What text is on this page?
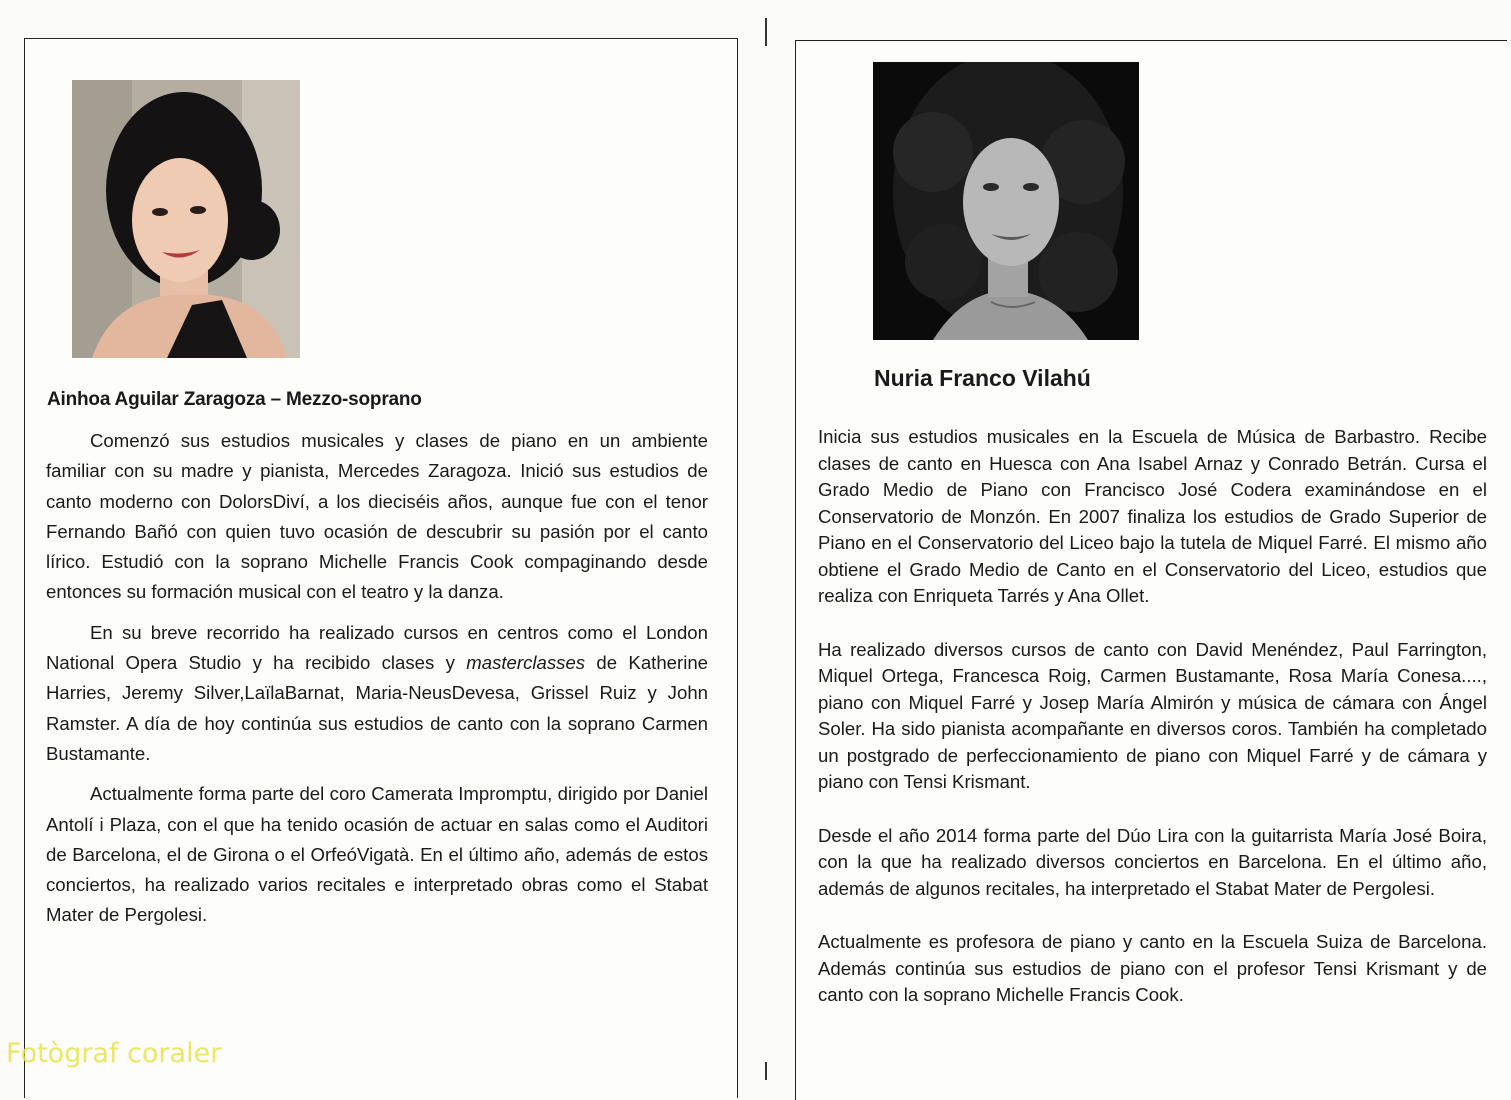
Ainhoa Aguilar Zaragoza – Mezzo-soprano
Nuria Franco Vilahú

Comenzó sus estudios musicales y clases de piano en un ambiente familiar con su madre y pianista, Mercedes Zaragoza. Inició sus estudios de canto moderno con DolorsDiví, a los dieciséis años, aunque fue con el tenor Fernando Bañó con quien tuvo ocasión de descubrir su pasión por el canto lírico. Estudió con la soprano Michelle Francis Cook compaginando desde entonces su formación musical con el teatro y la danza.

En su breve recorrido ha realizado cursos en centros como el London National Opera Studio y ha recibido clases y masterclasses de Katherine Harries, Jeremy Silver,LaïlaBarnat, Maria-NeusDevesa, Grissel Ruiz y John Ramster. A día de hoy continúa sus estudios de canto con la soprano Carmen Bustamante.

Actualmente forma parte del coro Camerata Impromptu, dirigido por Daniel Antolí i Plaza, con el que ha tenido ocasión de actuar en salas como el Auditori de Barcelona, el de Girona o el OrfeóVigatà. En el último año, además de estos conciertos, ha realizado varios recitales e interpretado obras como el Stabat Mater de Pergolesi.

Inicia sus estudios musicales en la Escuela de Música de Barbastro. Recibe clases de canto en Huesca con Ana Isabel Arnaz y Conrado Betrán. Cursa el Grado Medio de Piano con Francisco José Codera examinándose en el Conservatorio de Monzón. En 2007 finaliza los estudios de Grado Superior de Piano en el Conservatorio del Liceo bajo la tutela de Miquel Farré. El mismo año obtiene el Grado Medio de Canto en el Conservatorio del Liceo, estudios que realiza con Enriqueta Tarrés y Ana Ollet.

Ha realizado diversos cursos de canto con David Menéndez, Paul Farrington, Miquel Ortega, Francesca Roig, Carmen Bustamante, Rosa María Conesa...., piano con Miquel Farré y Josep María Almirón y música de cámara con Ángel Soler. Ha sido pianista acompañante en diversos coros. También ha completado un postgrado de perfeccionamiento de piano con Miquel Farré y de cámara y piano con Tensi Krismant.

Desde el año 2014 forma parte del Dúo Lira con la guitarrista María José Boira, con la que ha realizado diversos conciertos en Barcelona. En el último año, además de algunos recitales, ha interpretado el Stabat Mater de Pergolesi.

Actualmente es profesora de piano y canto en la Escuela Suiza de Barcelona. Además continúa sus estudios de piano con el profesor Tensi Krismant y de canto con la soprano Michelle Francis Cook.

Fotògraf coraler
